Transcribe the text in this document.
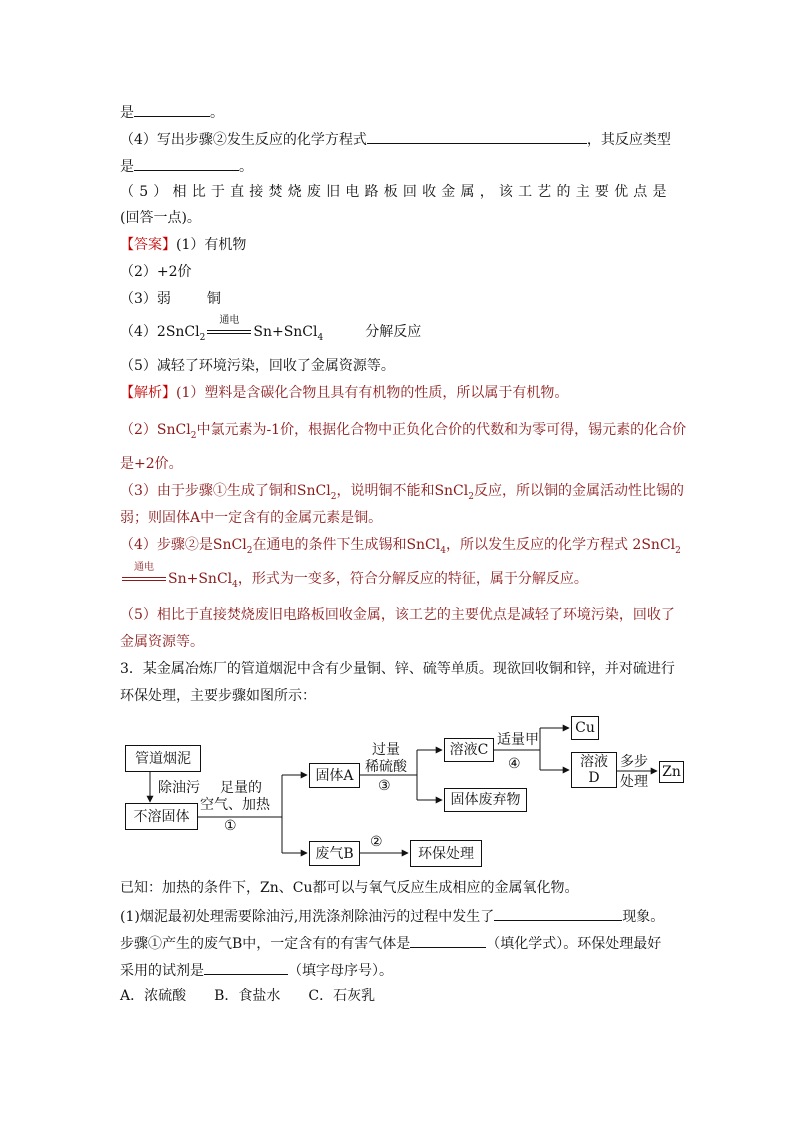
是	。
（4）写出步骤②发生反应的化学方程式	，其反应类型
是	。
（5）相比于直接焚烧废旧电路板回收金属，该工艺的主要优点是
(回答一点)。
【答案】(1）有机物
（2）+2价
（3）弱	铜
（4）2SnCl$_2$
通电
Sn+SnCl$_4$	分解反应
（5）减轻了环境污染，回收了金属资源等。
【解析】(1）塑料是含碳化合物且具有有机物的性质，所以属于有机物。
（2）SnCl$_2$中氯元素为-1价，根据化合物中正负化合价的代数和为零可得，锡元素的化合价
是+2价。
（3）由于步骤①生成了铜和SnCl$_2$，说明铜不能和SnCl$_2$反应，所以铜的金属活动性比锡的
弱；则固体A中一定含有的金属元素是铜。
（4）步骤②是SnCl$_2$在通电的条件下生成锡和SnCl$_4$，所以发生反应的化学方程式 2SnCl$_2$
通电
Sn+SnCl$_4$，形式为一变多，符合分解反应的特征，属于分解反应。
（5）相比于直接焚烧废旧电路板回收金属，该工艺的主要优点是减轻了环境污染，回收了
金属资源等。
3．某金属冶炼厂的管道烟泥中含有少量铜、锌、硫等单质。现欲回收铜和锌，并对硫进行
环保处理，主要步骤如图所示：
管道烟泥
除油污
不溶固体
足量的
空气、加热
①
固体A
过量
稀硫酸
③
溶液C
固体废弃物
适量甲
④
Cu
溶液
D
多步
处理
Zn
废气B
②
环保处理
已知：加热的条件下，Zn、Cu都可以与氧气反应生成相应的金属氧化物。
(1)烟泥最初处理需要除油污,用洗涤剂除油污的过程中发生了	现象。
步骤①产生的废气B中，一定含有的有害气体是	（填化学式）。环保处理最好
采用的试剂是	（填字母序号）。
A．浓硫酸　　B．食盐水　　C．石灰乳
